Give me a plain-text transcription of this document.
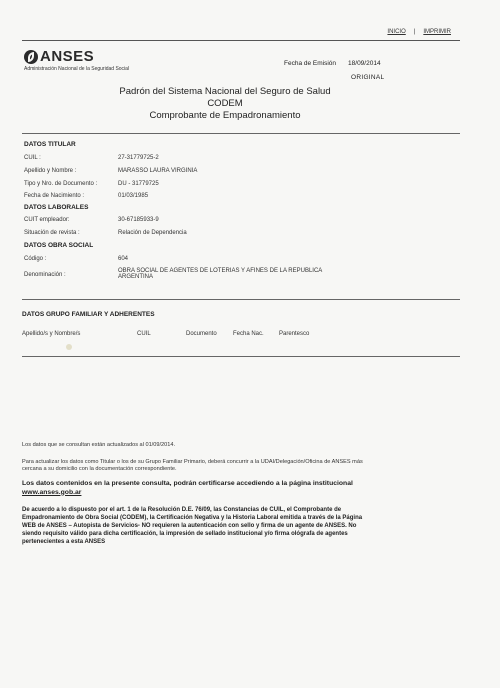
INICIO | IMPRIMIR
ANSES
Administración Nacional de la Seguridad Social
Fecha de Emisión 18/09/2014
ORIGINAL
Padrón del Sistema Nacional del Seguro de Salud
CODEM
Comprobante de Empadronamiento
DATOS TITULAR
CUIL :	27-31779725-2
Apellido y Nombre :	MARASSO LAURA VIRGINIA
Tipo y Nro. de Documento :	DU - 31779725
Fecha de Nacimiento :	01/03/1985
DATOS LABORALES
CUIT empleador:	30-67185933-9
Situación de revista :	Relación de Dependencia
DATOS OBRA SOCIAL
Código :	604
Denominación :
OBRA SOCIAL DE AGENTES DE LOTERIAS Y AFINES DE LA REPUBLICA
ARGENTINA
DATOS GRUPO FAMILIAR Y ADHERENTES
Apellido/s y Nombre/s	CUIL	Documento	Fecha Nac.	Parentesco
Los datos que se consultan están actualizados al 01/09/2014.
Para actualizar los datos como Titular o los de su Grupo Familiar Primario, deberá concurrir a la UDAI/Delegación/Oficina de ANSES más
cercana a su domicilio con la documentación correspondiente.
Los datos contenidos en la presente consulta, podrán certificarse accediendo a la página institucional
www.anses.gob.ar
De acuerdo a lo dispuesto por el art. 1 de la Resolución D.E. 76/09, las Constancias de CUIL, el Comprobante de
Empadronamiento de Obra Social (CODEM), la Certificación Negativa y la Historia Laboral emitida a través de la Página
WEB de ANSES – Autopista de Servicios- NO requieren la autenticación con sello y firma de un agente de ANSES. No
siendo requisito válido para dicha certificación, la impresión de sellado institucional y/o firma ológrafa de agentes
pertenecientes a esta ANSES
